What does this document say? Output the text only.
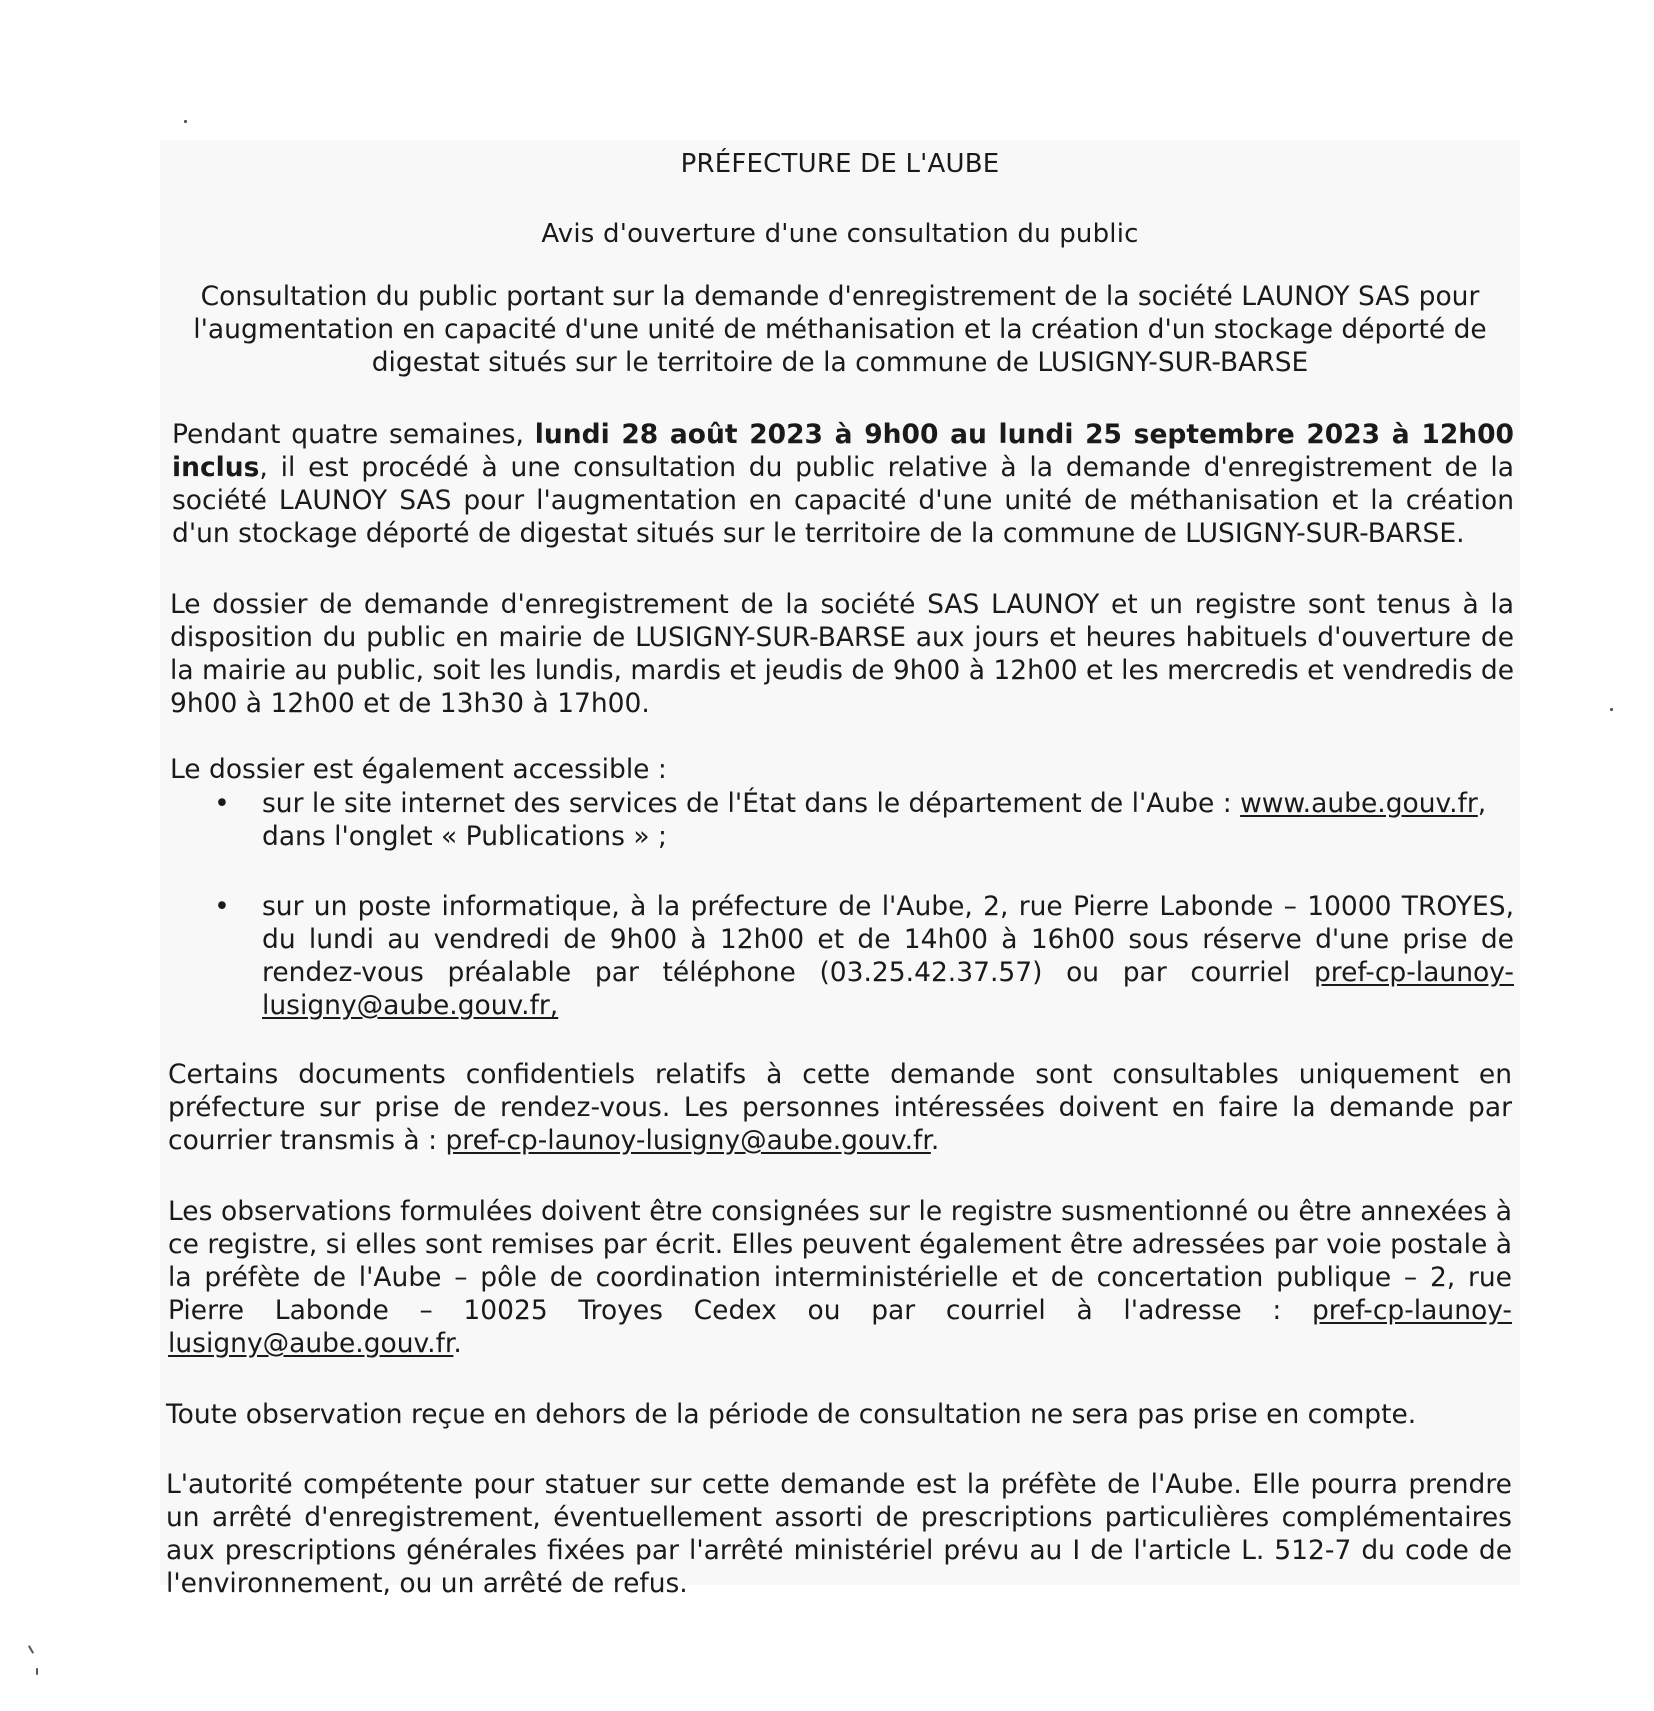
PRÉFECTURE DE L'AUBE
Avis d'ouverture d'une consultation du public
Consultation du public portant sur la demande d'enregistrement de la société LAUNOY SAS pour l'augmentation en capacité d'une unité de méthanisation et la création d'un stockage déporté de digestat situés sur le territoire de la commune de LUSIGNY-SUR-BARSE
Pendant quatre semaines, lundi 28 août 2023 à 9h00 au lundi 25 septembre 2023 à 12h00 inclus, il est procédé à une consultation du public relative à la demande d'enregistrement de la société LAUNOY SAS pour l'augmentation en capacité d'une unité de méthanisation et la création d'un stockage déporté de digestat situés sur le territoire de la commune de LUSIGNY-SUR-BARSE.
Le dossier de demande d'enregistrement de la société SAS LAUNOY et un registre sont tenus à la disposition du public en mairie de LUSIGNY-SUR-BARSE aux jours et heures habituels d'ouverture de la mairie au public, soit les lundis, mardis et jeudis de 9h00 à 12h00 et les mercredis et vendredis de 9h00 à 12h00 et de 13h30 à 17h00.
Le dossier est également accessible :
• sur le site internet des services de l'État dans le département de l'Aube : www.aube.gouv.fr, dans l'onglet « Publications » ;
• sur un poste informatique, à la préfecture de l'Aube, 2, rue Pierre Labonde – 10000 TROYES, du lundi au vendredi de 9h00 à 12h00 et de 14h00 à 16h00 sous réserve d'une prise de rendez-vous préalable par téléphone (03.25.42.37.57) ou par courriel pref-cp-launoy-lusigny@aube.gouv.fr,
Certains documents confidentiels relatifs à cette demande sont consultables uniquement en préfecture sur prise de rendez-vous. Les personnes intéressées doivent en faire la demande par courrier transmis à : pref-cp-launoy-lusigny@aube.gouv.fr.
Les observations formulées doivent être consignées sur le registre susmentionné ou être annexées à ce registre, si elles sont remises par écrit. Elles peuvent également être adressées par voie postale à la préfète de l'Aube – pôle de coordination interministérielle et de concertation publique – 2, rue Pierre Labonde – 10025 Troyes Cedex ou par courriel à l'adresse : pref-cp-launoy-lusigny@aube.gouv.fr.
Toute observation reçue en dehors de la période de consultation ne sera pas prise en compte.
L'autorité compétente pour statuer sur cette demande est la préfète de l'Aube. Elle pourra prendre un arrêté d'enregistrement, éventuellement assorti de prescriptions particulières complémentaires aux prescriptions générales fixées par l'arrêté ministériel prévu au I de l'article L. 512-7 du code de l'environnement, ou un arrêté de refus.
